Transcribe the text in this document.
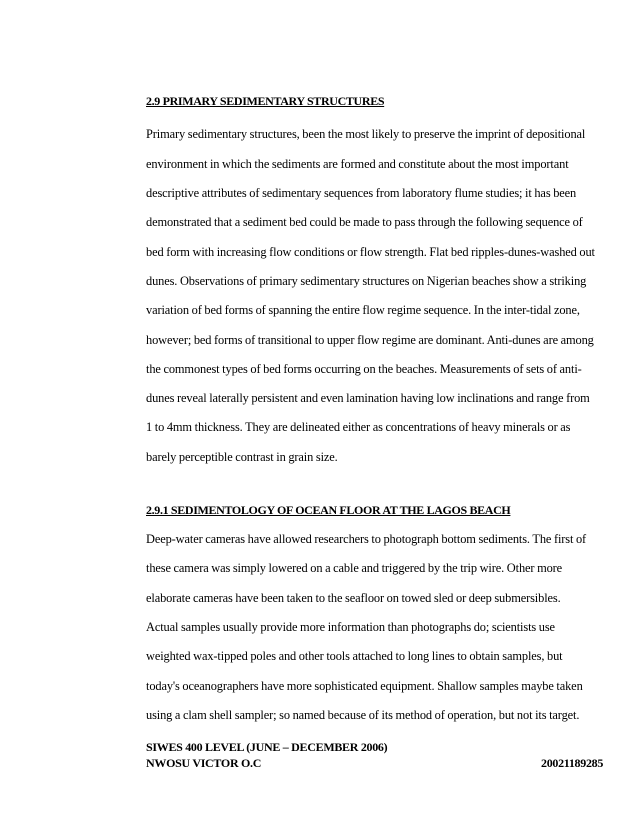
2.9 PRIMARY SEDIMENTARY STRUCTURES

Primary sedimentary structures, been the most likely to preserve the imprint of depositional

environment in which the sediments are formed and constitute about the most important

descriptive attributes of sedimentary sequences from laboratory flume studies; it has been

demonstrated that a sediment bed could be made to pass through the following sequence of

bed form with increasing flow conditions or flow strength. Flat bed ripples-dunes-washed out

dunes. Observations of primary sedimentary structures on Nigerian beaches show a striking

variation of bed forms of spanning the entire flow regime sequence. In the inter-tidal zone,

however; bed forms of transitional to upper flow regime are dominant. Anti-dunes are among

the commonest types of bed forms occurring on the beaches. Measurements of sets of anti-

dunes reveal laterally persistent and even lamination having low inclinations and range from

1 to 4mm thickness. They are delineated either as concentrations of heavy minerals or as

barely perceptible contrast in grain size.

2.9.1 SEDIMENTOLOGY OF OCEAN FLOOR AT THE LAGOS BEACH

Deep-water cameras have allowed researchers to photograph bottom sediments. The first of

these camera was simply lowered on a cable and triggered by the trip wire. Other more

elaborate cameras have been taken to the seafloor on towed sled or deep submersibles.

Actual samples usually provide more information than photographs do; scientists use

weighted wax-tipped poles and other tools attached to long lines to obtain samples, but

today's oceanographers have more sophisticated equipment. Shallow samples maybe taken

using a clam shell sampler; so named because of its method of operation, but not its target.

SIWES 400 LEVEL (JUNE – DECEMBER 2006)

NWOSU VICTOR O.C	20021189285
